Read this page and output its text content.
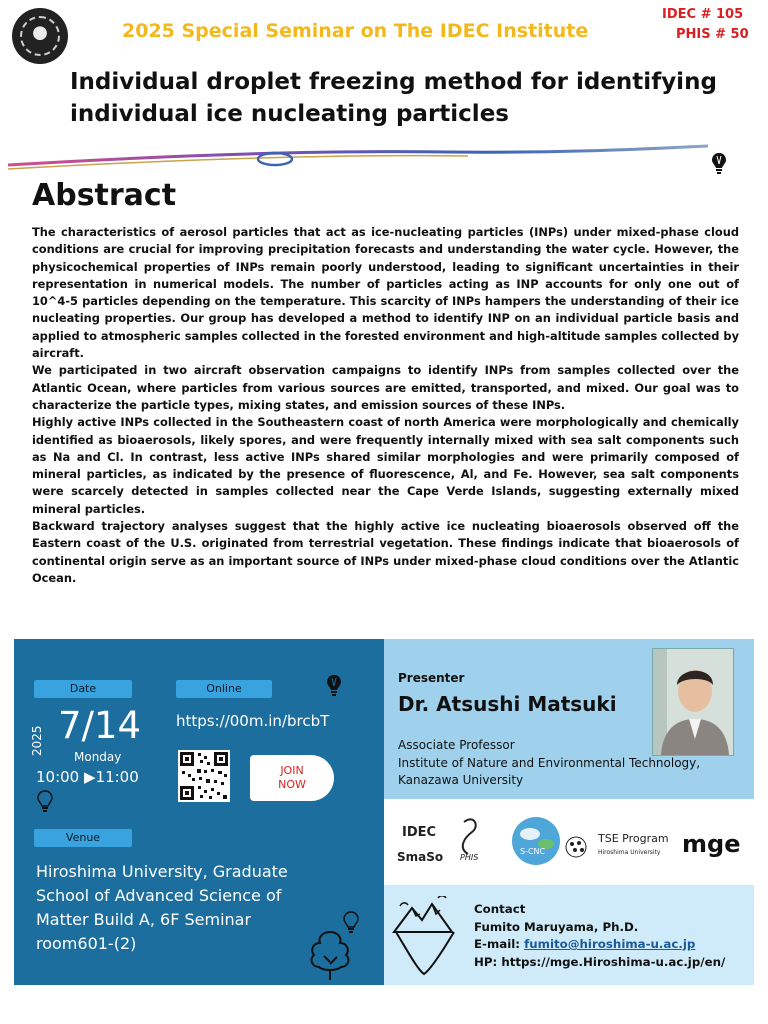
2025 Special Seminar on The IDEC Institute
IDEC # 105
PHIS # 50
Individual droplet freezing method for identifying
individual ice nucleating particles
Abstract

The characteristics of aerosol particles that act as ice-nucleating particles (INPs) under mixed-phase cloud conditions are crucial for improving precipitation forecasts and understanding the water cycle. However, the physicochemical properties of INPs remain poorly understood, leading to significant uncertainties in their representation in numerical models. The number of particles acting as INP accounts for only one out of 10^4-5 particles depending on the temperature. This scarcity of INPs hampers the understanding of their ice nucleating properties. Our group has developed a method to identify INP on an individual particle basis and applied to atmospheric samples collected in the forested environment and high-altitude samples collected by aircraft.

We participated in two aircraft observation campaigns to identify INPs from samples collected over the Atlantic Ocean, where particles from various sources are emitted, transported, and mixed. Our goal was to characterize the particle types, mixing states, and emission sources of these INPs.

Highly active INPs collected in the Southeastern coast of north America were morphologically and chemically identified as bioaerosols, likely spores, and were frequently internally mixed with sea salt components such as Na and Cl. In contrast, less active INPs shared similar morphologies and were primarily composed of mineral particles, as indicated by the presence of fluorescence, Al, and Fe. However, sea salt components were scarcely detected in samples collected near the Cape Verde Islands, suggesting externally mixed mineral particles.

Backward trajectory analyses suggest that the highly active ice nucleating bioaerosols observed off the Eastern coast of the U.S. originated from terrestrial vegetation. These findings indicate that bioaerosols of continental origin serve as an important source of INPs under mixed-phase cloud conditions over the Atlantic Ocean.

Date	Online
2025 7/14
Monday
10:00 ▶11:00
https://00m.in/brcbT
JOIN
NOW
Venue
Hiroshima University, Graduate School of Advanced Science of Matter Build A, 6F Seminar room601-(2)
Presenter
Dr. Atsushi Matsuki
Associate Professor
Institute of Nature and Environmental Technology,
Kanazawa University
IDEC
SmaSo PHIS
S-CNC
TSE Program
Hiroshima University mge
Contact
Fumito Maruyama, Ph.D.
E-mail: fumito@hiroshima-u.ac.jp
HP: https://mge.Hiroshima-u.ac.jp/en/
